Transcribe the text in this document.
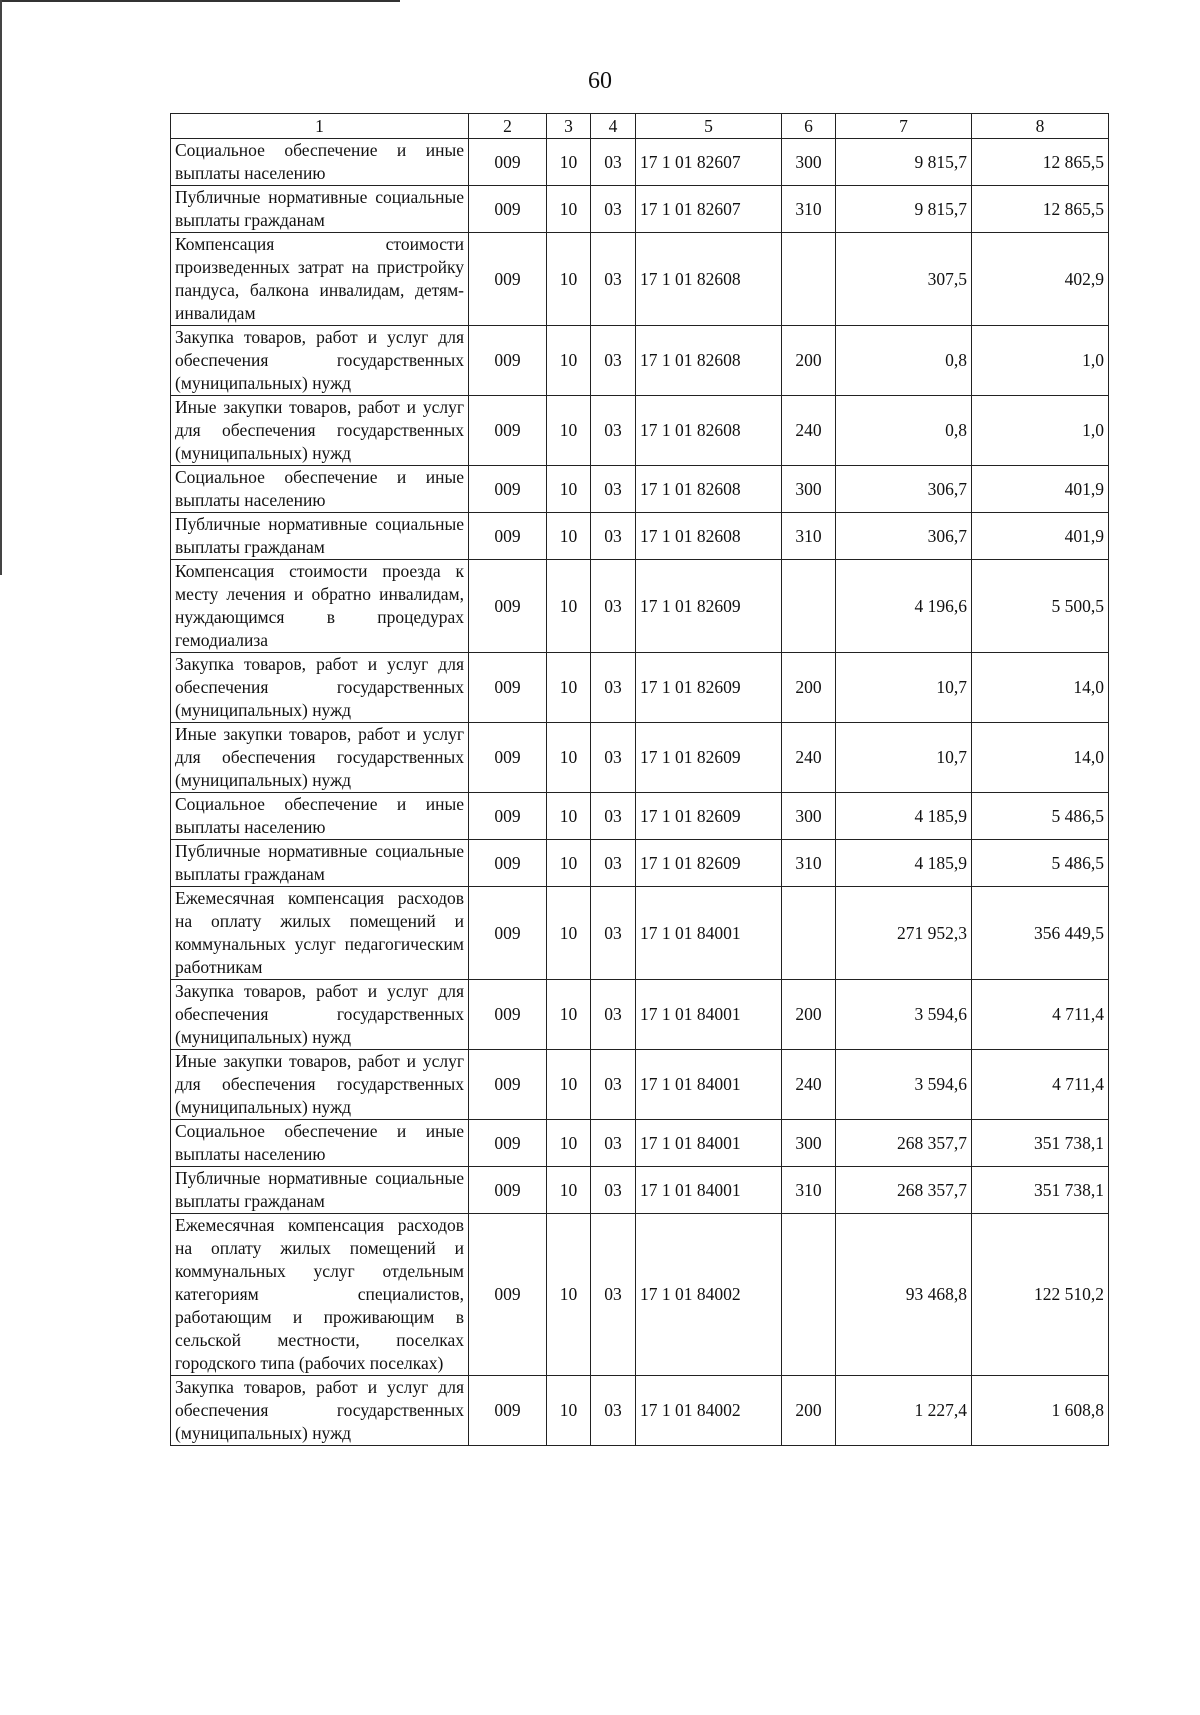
60
1	2	3	4	5	6	7	8
Социальное обеспечение и иные выплаты населению	009	10	03	17 1 01 82607	300	9 815,7	12 865,5
Публичные нормативные социальные выплаты гражданам	009	10	03	17 1 01 82607	310	9 815,7	12 865,5
Компенсация стоимости произведенных затрат на пристройку пандуса, балкона инвалидам, детям-инвалидам	009	10	03	17 1 01 82608		307,5	402,9
Закупка товаров, работ и услуг для обеспечения государственных (муниципальных) нужд	009	10	03	17 1 01 82608	200	0,8	1,0
Иные закупки товаров, работ и услуг для обеспечения государственных (муниципальных) нужд	009	10	03	17 1 01 82608	240	0,8	1,0
Социальное обеспечение и иные выплаты населению	009	10	03	17 1 01 82608	300	306,7	401,9
Публичные нормативные социальные выплаты гражданам	009	10	03	17 1 01 82608	310	306,7	401,9
Компенсация стоимости проезда к месту лечения и обратно инвалидам, нуждающимся в процедурах гемодиализа	009	10	03	17 1 01 82609		4 196,6	5 500,5
Закупка товаров, работ и услуг для обеспечения государственных (муниципальных) нужд	009	10	03	17 1 01 82609	200	10,7	14,0
Иные закупки товаров, работ и услуг для обеспечения государственных (муниципальных) нужд	009	10	03	17 1 01 82609	240	10,7	14,0
Социальное обеспечение и иные выплаты населению	009	10	03	17 1 01 82609	300	4 185,9	5 486,5
Публичные нормативные социальные выплаты гражданам	009	10	03	17 1 01 82609	310	4 185,9	5 486,5
Ежемесячная компенсация расходов на оплату жилых помещений и коммунальных услуг педагогическим работникам	009	10	03	17 1 01 84001		271 952,3	356 449,5
Закупка товаров, работ и услуг для обеспечения государственных (муниципальных) нужд	009	10	03	17 1 01 84001	200	3 594,6	4 711,4
Иные закупки товаров, работ и услуг для обеспечения государственных (муниципальных) нужд	009	10	03	17 1 01 84001	240	3 594,6	4 711,4
Социальное обеспечение и иные выплаты населению	009	10	03	17 1 01 84001	300	268 357,7	351 738,1
Публичные нормативные социальные выплаты гражданам	009	10	03	17 1 01 84001	310	268 357,7	351 738,1
Ежемесячная компенсация расходов на оплату жилых помещений и коммунальных услуг отдельным категориям специалистов, работающим и проживающим в сельской местности, поселках городского типа (рабочих поселках)	009	10	03	17 1 01 84002		93 468,8	122 510,2
Закупка товаров, работ и услуг для обеспечения государственных (муниципальных) нужд	009	10	03	17 1 01 84002	200	1 227,4	1 608,8
